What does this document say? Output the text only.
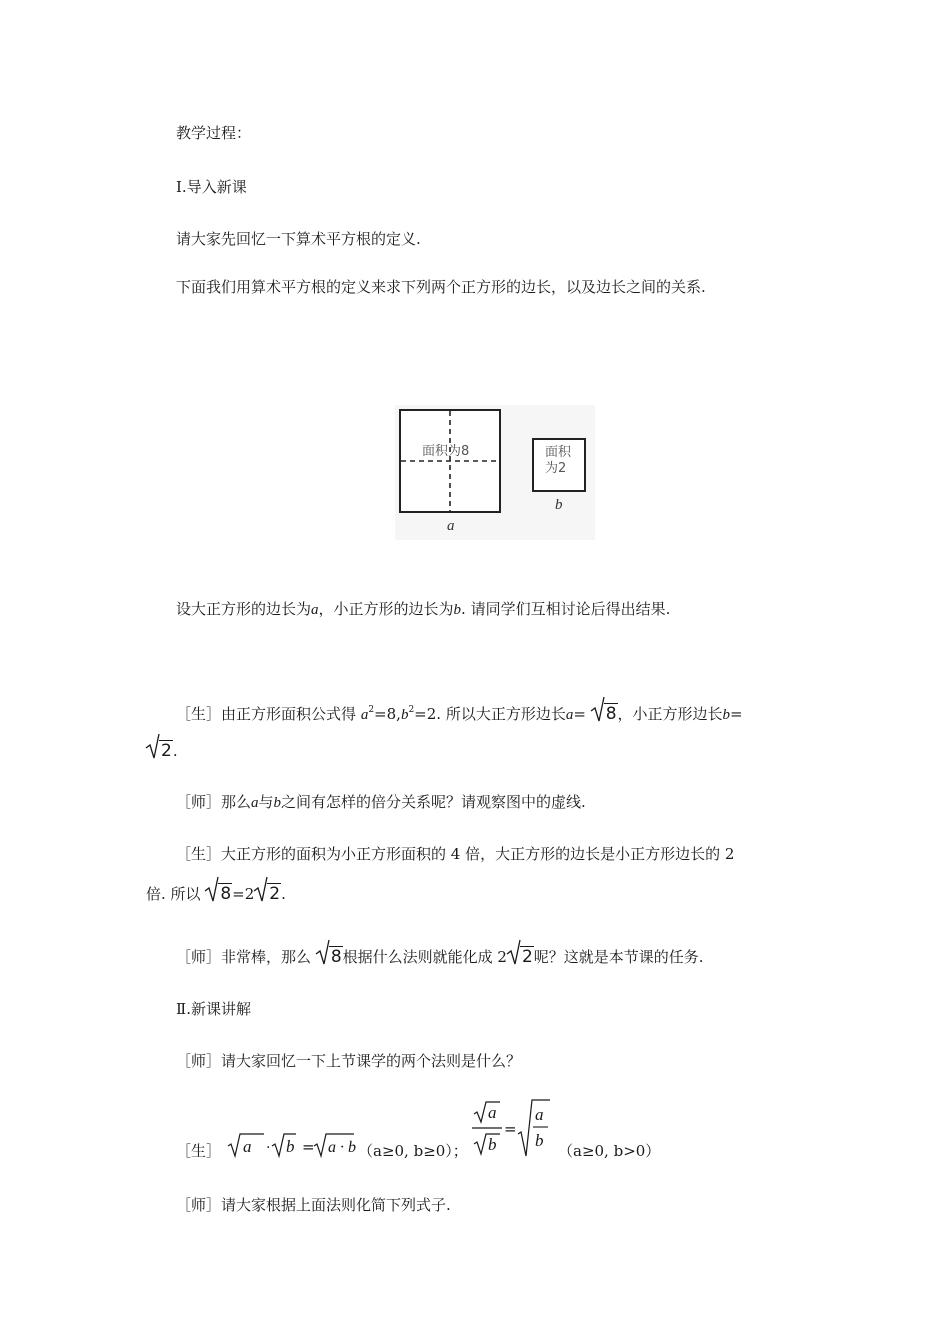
教学过程：
Ⅰ.导入新课
请大家先回忆一下算术平方根的定义.
下面我们用算术平方根的定义来求下列两个正方形的边长，以及边长之间的关系.
面积为8
a
面积
为2
b
设大正方形的边长为a，小正方形的边长为b. 请同学们互相讨论后得出结果.
［生］由正方形面积公式得 $a^2=8,b^2=2$. 所以大正方形边长a= 8，小正方形边长b=
2.
［师］那么a与b之间有怎样的倍分关系呢？请观察图中的虚线.
［生］大正方形的面积为小正方形面积的 4 倍，大正方形的边长是小正方形边长的 2
倍. 所以 8=2 2.
［师］非常棒，那么 8根据什么法则就能化成 2 2呢？这就是本节课的任务.
Ⅱ.新课讲解
［师］请大家回忆一下上节课学的两个法则是什么？
［生］ a · b = a · b （a≥0, b≥0）；
a
b
=
a
b
（a≥0, b>0）
［师］请大家根据上面法则化简下列式子.
